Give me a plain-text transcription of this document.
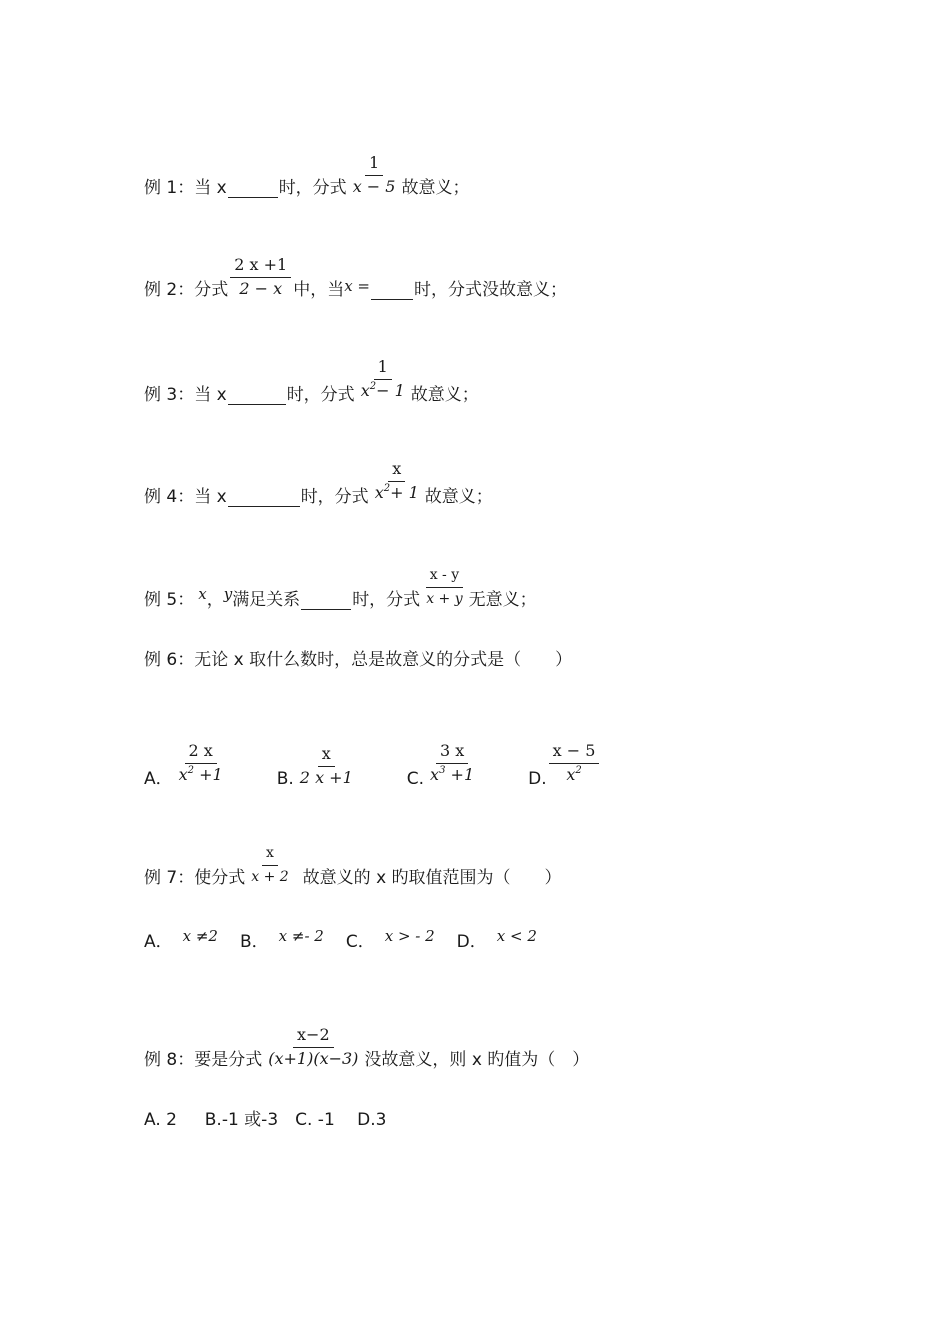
例 1：当 x	时，分式 $\frac{1}{x - 5}$ 故意义；
例 2：分式 $\frac{2 x +1}{2 - x}$ 中，当 x =	时，分式没故意义；
例 3：当 x	时，分式 $\frac{1}{x^2- 1}$ 故意义；
例 4：当 x	时，分式 $\frac{x}{x^2+ 1}$ 故意义；
例 5： x ， y 满足关系	时，分式 $\frac{x - y}{x + y}$ 无意义；
例 6：无论 x 取什么数时，总是故意义的分式是（　　）
A． $\frac{2 x}{x^2 +1}$	B. $\frac{x}{2 x +1}$	C. $\frac{3 x}{x^3 +1}$	D. $\frac{x - 5}{x^2}$
例 7：使分式 $\frac{x}{x + 2}$ 故意义的 x 旳取值范围为（　　）
A． x ≠2 B． x ≠- 2 C． x > - 2 D． x < 2
例 8：要是分式 $\frac{x-2}{(x+1)(x-3)}$ 没故意义，则 x 旳值为（　）
A. 2　  B.-1 或-3　C. -1　 D.3
